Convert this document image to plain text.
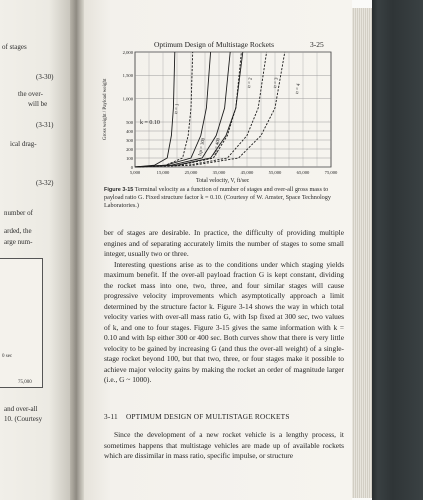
of stages
(3-30)
the over-
will be
(3-31)
ical drag-
(3-32)
number of
arded, the
arge num-
and over-all
10. (Courtesy
0 sec
75,000
Optimum Design of Multistage Rockets	3-25
2,000
1,500
1,000
500
400
300
200
100
0
5,000	15,000	25,000	35,000	45,000	55,000	65,000	75,000
Gross weight / Payload weight
Total velocity, V, ft/sec
k = 0.10
n = 1
n = 2	n = 3
n = 4
Isp = 300 Isp = 400
Figure 3-15 Terminal velocity as a function of number of stages and over-all gross mass to payload ratio G. Fixed structure factor k = 0.10. (Courtesy of W. Amster, Space Technology Laboratories.)

ber of stages are desirable. In practice, the difficulty of providing multiple engines and of separating accurately limits the number of stages to some small integer, usually two or three.

Interesting questions arise as to the conditions under which staging yields maximum benefit. If the over-all payload fraction G is kept constant, dividing the rocket mass into one, two, three, and four similar stages will cause progressive velocity improvements which asymptotically approach a limit determined by the structure factor k. Figure 3-14 shows the way in which total velocity varies with over-all mass ratio G, with Isp fixed at 300 sec, two values of k, and one to four stages. Figure 3-15 gives the same information with k = 0.10 and with Isp either 300 or 400 sec. Both curves show that there is very little velocity to be gained by increasing G (and thus the over-all weight) of a single-stage rocket beyond 100, but that two, three, or four stages make it possible to achieve major velocity gains by making the rocket an order of magnitude larger (i.e., G ~ 1000).

3-11 OPTIMUM DESIGN OF MULTISTAGE ROCKETS

Since the development of a new rocket vehicle is a lengthy process, it sometimes happens that multistage vehicles are made up of available rockets which are dissimilar in mass ratio, specific impulse, or structure
